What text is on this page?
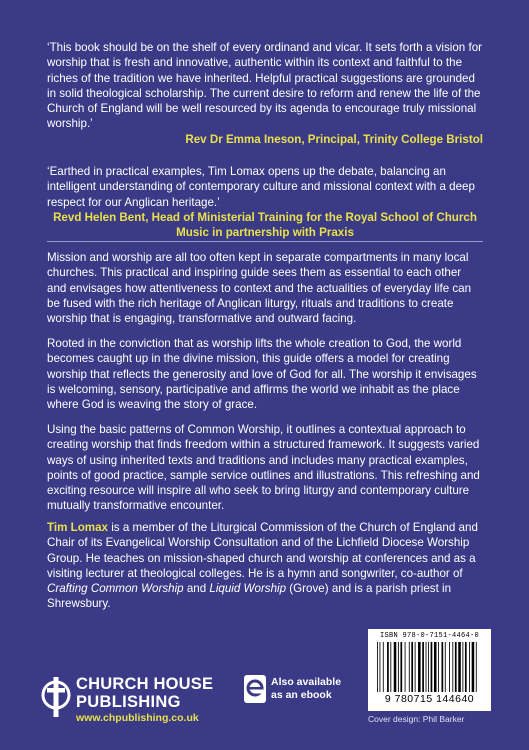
‘This book should be on the shelf of every ordinand and vicar. It sets forth a vision for worship that is fresh and innovative, authentic within its context and faithful to the riches of the tradition we have inherited. Helpful practical suggestions are grounded in solid theological scholarship. The current desire to reform and renew the life of the Church of England will be well resourced by its agenda to encourage truly missional worship.’
Rev Dr Emma Ineson, Principal, Trinity College Bristol
‘Earthed in practical examples, Tim Lomax opens up the debate, balancing an intelligent understanding of contemporary culture and missional context with a deep respect for our Anglican heritage.’
Revd Helen Bent, Head of Ministerial Training for the Royal School of Church Music in partnership with Praxis
Mission and worship are all too often kept in separate compartments in many local churches. This practical and inspiring guide sees them as essential to each other and envisages how attentiveness to context and the actualities of everyday life can be fused with the rich heritage of Anglican liturgy, rituals and traditions to create worship that is engaging, transformative and outward facing.
Rooted in the conviction that as worship lifts the whole creation to God, the world becomes caught up in the divine mission, this guide offers a model for creating worship that reflects the generosity and love of God for all. The worship it envisages is welcoming, sensory, participative and affirms the world we inhabit as the place where God is weaving the story of grace.
Using the basic patterns of Common Worship, it outlines a contextual approach to creating worship that finds freedom within a structured framework. It suggests varied ways of using inherited texts and traditions and includes many practical examples, points of good practice, sample service outlines and illustrations. This refreshing and exciting resource will inspire all who seek to bring liturgy and contemporary culture mutually transformative encounter.
Tim Lomax is a member of the Liturgical Commission of the Church of England and Chair of its Evangelical Worship Consultation and of the Lichfield Diocese Worship Group. He teaches on mission-shaped church and worship at conferences and as a visiting lecturer at theological colleges. He is a hymn and songwriter, co-author of Crafting Common Worship and Liquid Worship (Grove) and is a parish priest in Shrewsbury.
CHURCH HOUSE
PUBLISHING
www.chpublishing.co.uk
Also available
as an ebook
ISBN 978-0-7151-4464-0
9 780715 144640
Cover design: Phil Barker
